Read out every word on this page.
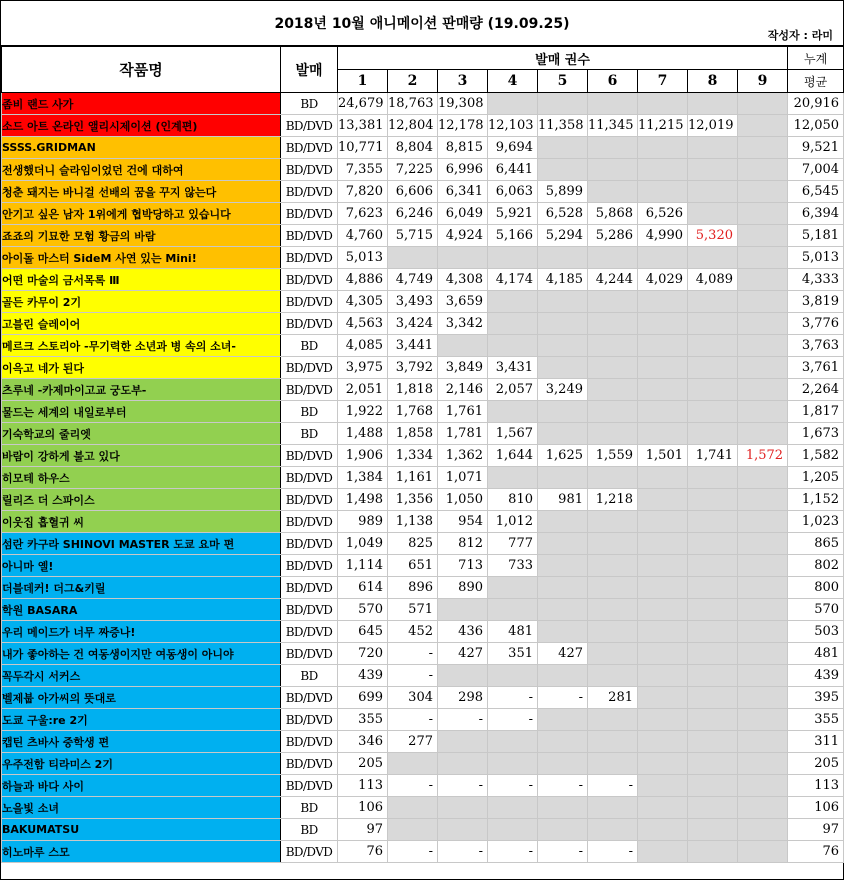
2018년 10월 애니메이션 판매량 (19.09.25)
작성자 : 라미
작품명	발매	발매 권수									누계
		1	2	3	4	5	6	7	8	9	평균
좀비 랜드 사가	BD	24,679	18,763	19,308							20,916
소드 아트 온라인 앨리시제이션 (인계편)	BD/DVD	13,381	12,804	12,178	12,103	11,358	11,345	11,215	12,019		12,050
SSSS.GRIDMAN	BD/DVD	10,771	8,804	8,815	9,694						9,521
전생했더니 슬라임이었던 건에 대하여	BD/DVD	7,355	7,225	6,996	6,441						7,004
청춘 돼지는 바니걸 선배의 꿈을 꾸지 않는다	BD/DVD	7,820	6,606	6,341	6,063	5,899					6,545
안기고 싶은 남자 1위에게 협박당하고 있습니다	BD/DVD	7,623	6,246	6,049	5,921	6,528	5,868	6,526			6,394
죠죠의 기묘한 모험 황금의 바람	BD/DVD	4,760	5,715	4,924	5,166	5,294	5,286	4,990	5,320		5,181
아이돌 마스터 SideM 사연 있는 Mini!	BD/DVD	5,013									5,013
어떤 마술의 금서목록 Ⅲ	BD/DVD	4,886	4,749	4,308	4,174	4,185	4,244	4,029	4,089		4,333
골든 카무이 2기	BD/DVD	4,305	3,493	3,659							3,819
고블린 슬레이어	BD/DVD	4,563	3,424	3,342							3,776
메르크 스토리아 -무기력한 소년과 병 속의 소녀-	BD	4,085	3,441								3,763
이윽고 네가 된다	BD/DVD	3,975	3,792	3,849	3,431						3,761
츠루네 -카제마이고교 궁도부-	BD/DVD	2,051	1,818	2,146	2,057	3,249					2,264
물드는 세계의 내일로부터	BD	1,922	1,768	1,761							1,817
기숙학교의 줄리엣	BD	1,488	1,858	1,781	1,567						1,673
바람이 강하게 불고 있다	BD/DVD	1,906	1,334	1,362	1,644	1,625	1,559	1,501	1,741	1,572	1,582
히모테 하우스	BD/DVD	1,384	1,161	1,071							1,205
릴리즈 더 스파이스	BD/DVD	1,498	1,356	1,050	810	981	1,218				1,152
이웃집 흡혈귀 씨	BD/DVD	989	1,138	954	1,012						1,023
섬란 카구라 SHINOVI MASTER 도쿄 요마 편	BD/DVD	1,049	825	812	777						865
아니마 옐!	BD/DVD	1,114	651	713	733						802
더블데커! 더그&키릴	BD/DVD	614	896	890							800
학원 BASARA	BD/DVD	570	571								570
우리 메이드가 너무 짜증나!	BD/DVD	645	452	436	481						503
내가 좋아하는 건 여동생이지만 여동생이 아니야	BD/DVD	720	-	427	351	427					481
꼭두각시 서커스	BD	439	-								439
벨제붑 아가씨의 뜻대로	BD/DVD	699	304	298	-	-	281				395
도쿄 구울:re 2기	BD/DVD	355	-	-	-						355
캡틴 츠바사 중학생 편	BD/DVD	346	277								311
우주전함 티라미스 2기	BD/DVD	205									205
하늘과 바다 사이	BD/DVD	113	-	-	-	-	-				113
노을빛 소녀	BD	106									106
BAKUMATSU	BD	97									97
히노마루 스모	BD/DVD	76	-	-	-	-	-				76
